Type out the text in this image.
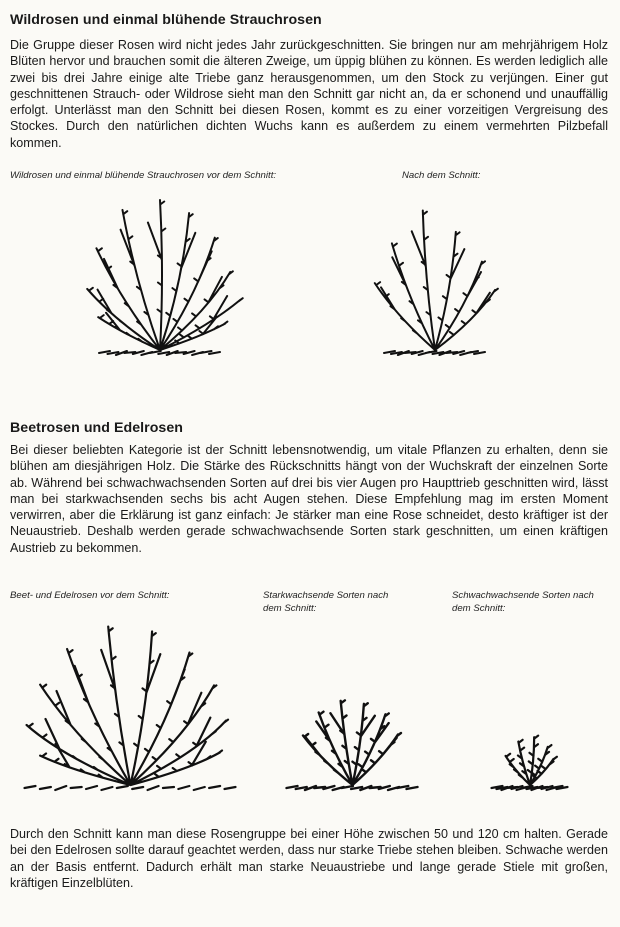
Wildrosen und einmal blühende Strauchrosen

Die Gruppe dieser Rosen wird nicht jedes Jahr zurückgeschnitten. Sie bringen nur am mehrjährigem Holz Blüten hervor und brauchen somit die älteren Zweige, um üppig blühen zu können. Es werden lediglich alle zwei bis drei Jahre einige alte Triebe ganz herausgenommen, um den Stock zu verjüngen. Einer gut geschnittenen Strauch- oder Wildrose sieht man den Schnitt gar nicht an, da er schonend und unauffällig erfolgt. Unterlässt man den Schnitt bei diesen Rosen, kommt es zu einer vorzeitigen Vergreisung des Stockes. Durch den natürlichen dichten Wuchs kann es außerdem zu einem vermehrten Pilzbefall kommen.

Wildrosen und einmal blühende Strauchrosen vor dem Schnitt:	Nach dem Schnitt:

Beetrosen und Edelrosen

Bei dieser beliebten Kategorie ist der Schnitt lebensnotwendig, um vitale Pflanzen zu erhalten, denn sie blühen am diesjährigen Holz. Die Stärke des Rückschnitts hängt von der Wuchskraft der einzelnen Sorte ab. Während bei schwachwachsenden Sorten auf drei bis vier Augen pro Haupttrieb geschnitten wird, lässt man bei starkwachsenden sechs bis acht Augen stehen. Diese Empfehlung mag im ersten Moment verwirren, aber die Erklärung ist ganz einfach: Je stärker man eine Rose schneidet, desto kräftiger ist der Neuaustrieb. Deshalb werden gerade schwachwachsende Sorten stark geschnitten, um einen kräftigen Austrieb zu bekommen.

Beet- und Edelrosen vor dem Schnitt:	Starkwachsende Sorten nach dem Schnitt:

Schwachwachsende Sorten nach dem Schnitt:

Durch den Schnitt kann man diese Rosengruppe bei einer Höhe zwischen 50 und 120 cm halten. Gerade bei den Edelrosen sollte darauf geachtet werden, dass nur starke Triebe stehen bleiben. Schwache werden an der Basis entfernt. Dadurch erhält man starke Neuaustriebe und lange gerade Stiele mit großen, kräftigen Einzelblüten.
